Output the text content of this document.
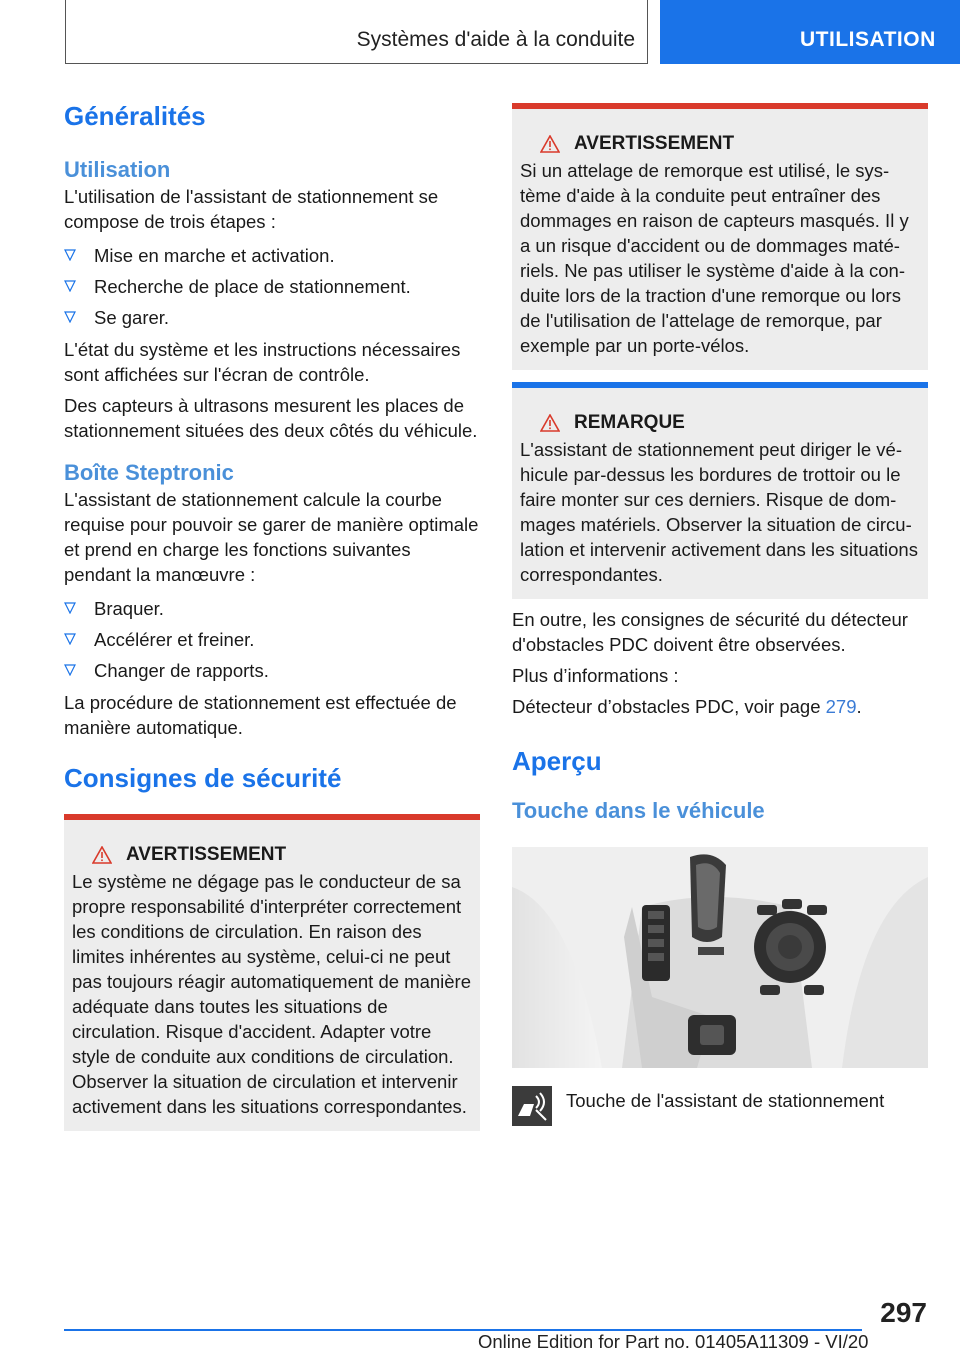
Systèmes d'aide à la conduite	UTILISATION
Généralités
Utilisation

L'utilisation de l'assistant de stationnement se compose de trois étapes :

Mise en marche et activation.
Recherche de place de stationnement.
Se garer.

L'état du système et les instructions nécessaires sont affichées sur l'écran de contrôle.

Des capteurs à ultrasons mesurent les places de stationnement situées des deux côtés du véhicule.

Boîte Steptronic

L'assistant de stationnement calcule la courbe requise pour pouvoir se garer de manière optimale et prend en charge les fonctions suivantes pendant la manœuvre :

Braquer.
Accélérer et freiner.
Changer de rapports.

La procédure de stationnement est effectuée de manière automatique.

Consignes de sécurité
AVERTISSEMENT

Le système ne dégage pas le conducteur de sa propre responsabilité d'interpréter correctement les conditions de circulation. En raison des limites inhérentes au système, celui-ci ne peut pas toujours réagir automatiquement de manière adéquate dans toutes les situations de circulation. Risque d'accident. Adapter votre style de conduite aux conditions de circulation. Observer la situation de circulation et intervenir activement dans les situations correspondantes.

AVERTISSEMENT

Si un attelage de remorque est utilisé, le système d'aide à la conduite peut entraîner des dommages en raison de capteurs masqués. Il y a un risque d'accident ou de dommages matériels. Ne pas utiliser le système d'aide à la conduite lors de la traction d'une remorque ou lors de l'utilisation de l'attelage de remorque, par exemple par un porte-vélos.

REMARQUE

L'assistant de stationnement peut diriger le véhicule par-dessus les bordures de trottoir ou le faire monter sur ces derniers. Risque de dommages matériels. Observer la situation de circulation et intervenir activement dans les situations correspondantes.

En outre, les consignes de sécurité du détecteur d'obstacles PDC doivent être observées.

Plus d’informations :

Détecteur d’obstacles PDC, voir page 279.

Aperçu
Touche dans le véhicule
Touche de l'assistant de stationnement
297
Online Edition for Part no. 01405A11309 - VI/20
